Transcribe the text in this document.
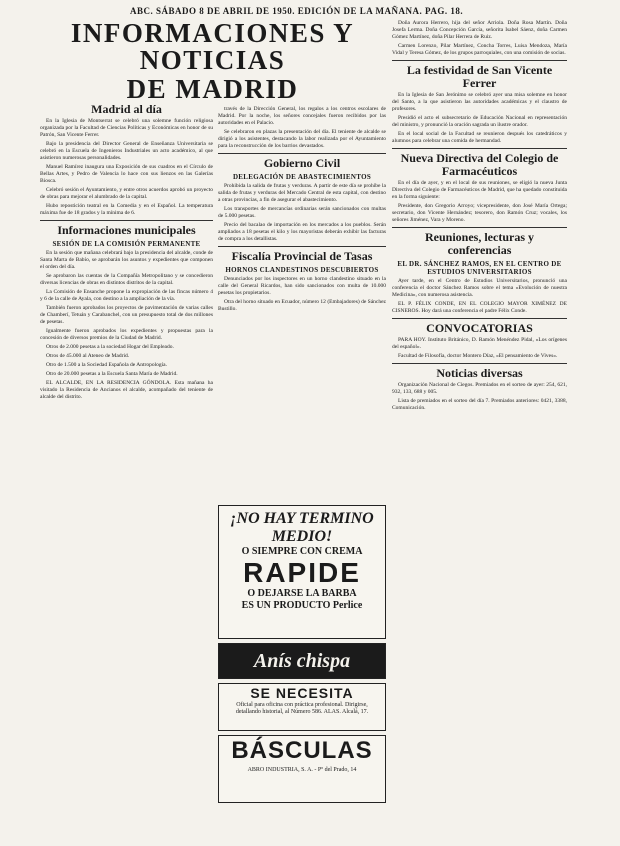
ABC. SÁBADO 8 DE ABRIL DE 1950. EDICIÓN DE LA MAÑANA. PAG. 18.
INFORMACIONES Y NOTICIAS
DE MADRID
Madrid al día

En la Iglesia de Montserrat se celebró una solemne función religiosa organizada por la Facultad de Ciencias Políticas y Económicas en honor de su Patrón, San Vicente Ferrer.

Bajo la presidencia del Director General de Enseñanza Universitaria se celebró en la Escuela de Ingenieros Industriales un acto académico, al que asistieron numerosas personalidades.

Manuel Ramírez inaugura una Exposición de sus cuadros en el Círculo de Bellas Artes, y Pedro de Valencia lo hace con sus lienzos en las Galerías Biosca.

Celebró sesión el Ayuntamiento, y entre otros acuerdos aprobó un proyecto de obras para mejorar el alumbrado de la capital.

Hubo repostición teatral en la Comedia y en el Español. La temperatura máxima fue de 18 grados y la mínima de 6.

Informaciones municipales
SESIÓN DE LA COMISIÓN PERMANENTE

En la sesión que mañana celebrará bajo la presidencia del alcalde, conde de Santa Marta de Babío, se aprobarán los asuntos y expedientes que componen el orden del día.

Se aprobaron las cuentas de la Compañía Metropolitano y se concedieron diversas licencias de obras en distintos distritos de la capital.

La Comisión de Ensanche propone la expropiación de las fincas número 4 y 6 de la calle de Ayala, con destino a la ampliación de la vía.

También fueron aprobados los proyectos de pavimentación de varias calles de Chamberí, Tetuán y Carabanchel, con un presupuesto total de dos millones de pesetas.

Igualmente fueron aprobados los expedientes y propuestas para la concesión de diversos premios de la Ciudad de Madrid.

Otros de 2.000 pesetas a la sociedad Hogar del Empleado.

Otros de 45.000 al Ateneo de Madrid.

Otro de 1.500 a la Sociedad Española de Antropología.

Otro de 20.000 pesetas a la Escuela Santa María de Madrid.

EL ALCALDE, EN LA RESIDENCIA GÓNDOLA. Esta mañana ha visitado la Residencia de Ancianos el alcalde, acompañado del teniente de alcalde del distrito.

través de la Dirección General, los regalos a los centros escolares de Madrid. Por la noche, los señores concejales fueron recibidos por las autoridades en el Palacio.

Se celebraron en plazas la presentación del día. El teniente de alcalde se dirigió a los asistentes, destacando la labor realizada por el Ayuntamiento para la reconstrucción de los barrios devastados.

Gobierno Civil
DELEGACIÓN DE ABASTECIMIENTOS

Prohibida la salida de frutas y verduras. A partir de este día se prohíbe la salida de frutas y verduras del Mercado Central de esta capital, con destino a otras provincias, a fin de asegurar el abastecimiento.

Los transportes de mercancías ordinarias serán sancionados con multas de 5.000 pesetas.

Precio del bacalao de importación en los mercados a los pueblos. Serán ampliados a 18 pesetas el kilo y los mayoristas deberán exhibir las facturas de compra a los detallistas.

Fiscalía Provincial de Tasas
HORNOS CLANDESTINOS DESCUBIERTOS

Denunciados por los inspectores en un horno clandestino situado en la calle del General Ricardos, han sido sancionados con multa de 10.000 pesetas los propietarios.

Otra del horno situado en Ecuador, número 12 (Embajadores) de Sánchez Bustillo.

¡NO HAY TERMINO MEDIO!
O SIEMPRE CON CREMA
RAPIDE
O DEJARSE LA BARBA
ES UN PRODUCTO Perlice
Anís chispa
SE NECESITA
Oficial para oficina con práctica profesional. Dirigirse, detallando historial, al Número 586. ALAS. Alcalá, 17.
BÁSCULAS
ABRO INDUSTRIA, S. A. - Pº del Prado, 14

Doña Aurora Herrero, hija del señor Arriola. Doña Rosa Martín. Doña Josefa Lerma. Doña Concepción García, señorita Isabel Sáenz, doña Carmen Gómez Martínez, doña Pilar Herrera de Ruiz.

Carmen Lorenzo, Pilar Martínez, Concha Torres, Luisa Mendoza, María Vidal y Teresa Gómez, de los grupos parroquiales, con una comisión de socias.

La festividad de San Vicente Ferrer

En la Iglesia de San Jerónimo se celebró ayer una misa solemne en honor del Santo, a la que asistieron las autoridades académicas y el claustro de profesores.

Presidió el acto el subsecretario de Educación Nacional en representación del ministro, y pronunció la oración sagrada un ilustre orador.

En el local social de la Facultad se reunieron después los catedráticos y alumnos para celebrar una comida de hermandad.

Nueva Directiva del Colegio de Farmacéuticos

En el día de ayer, y en el local de sus reuniones, se eligió la nueva Junta Directiva del Colegio de Farmacéuticos de Madrid, que ha quedado constituida en la forma siguiente:

Presidente, don Gregorio Arroyo; vicepresidente, don José María Ortega; secretario, don Vicente Hernández; tesorero, don Ramón Cruz; vocales, los señores Jiménez, Vara y Moreno.

Reuniones, lecturas y conferencias
EL DR. SÁNCHEZ RAMOS, EN EL CENTRO DE ESTUDIOS UNIVERSITARIOS

Ayer tarde, en el Centro de Estudios Universitarios, pronunció una conferencia el doctor Sánchez Ramos sobre el tema «Evolución de nuestra Medicina», con numerosa asistencia.

EL P. FÉLIX CONDE, EN EL COLEGIO MAYOR XIMÉNEZ DE CISNEROS. Hoy dará una conferencia el padre Félix Conde.

CONVOCATORIAS

PARA HOY. Instituto Británico, D. Ramón Menéndez Pidal, «Los orígenes del español».

Facultad de Filosofía, doctor Montero Díaz, «El pensamiento de Vives».

Noticias diversas

Organización Nacional de Ciegos. Premiados en el sorteo de ayer: 254, 621, 932, 133, 688 y 005.

Lista de premiados en el sorteo del día 7. Premiados anteriores: 0421, 3388, Comunicación.
